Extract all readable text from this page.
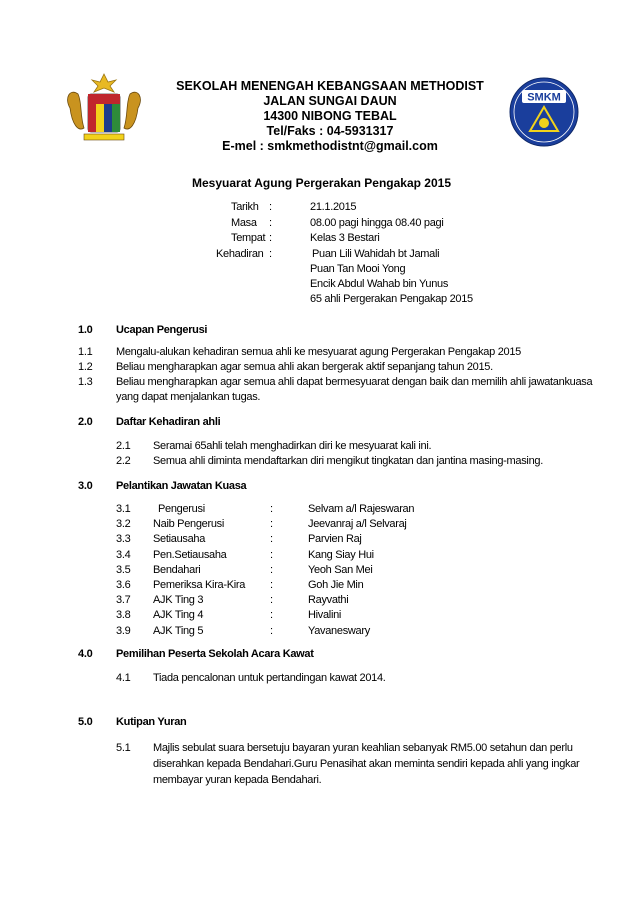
SMKM
SEKOLAH MENENGAH KEBANGSAAN METHODIST
JALAN SUNGAI DAUN
14300 NIBONG TEBAL
Tel/Faks : 04-5931317
E-mel : smkmethodistnt@gmail.com
Mesyuarat Agung Pergerakan Pengakap 2015
Tarikh :	21.1.2015
Masa :	08.00 pagi hingga 08.40 pagi
Tempat :	Kelas 3 Bestari
Kehadiran :	Puan Lili Wahidah bt Jamali
Puan Tan Mooi Yong
Encik Abdul Wahab bin Yunus
65 ahli Pergerakan Pengakap 2015
1.0 Ucapan Pengerusi
1.1 Mengalu-alukan kehadiran semua ahli ke mesyuarat agung Pergerakan Pengakap 2015
1.2 Beliau mengharapkan agar semua ahli akan bergerak aktif sepanjang tahun 2015.
1.3 Beliau mengharapkan agar semua ahli dapat bermesyuarat dengan baik dan memilih ahli jawatankuasa
yang dapat menjalankan tugas.
2.0 Daftar Kehadiran ahli
2.1 Seramai 65ahli telah menghadirkan diri ke mesyuarat kali ini.
2.2 Semua ahli diminta mendaftarkan diri mengikut tingkatan dan jantina masing-masing.
3.0 Pelantikan Jawatan Kuasa
3.1	Pengerusi	:	Selvam a/l Rajeswaran
3.2 Naib Pengerusi	:	Jeevanraj a/l Selvaraj
3.3 Setiausaha	:	Parvien Raj
3.4 Pen.Setiausaha	:	Kang Siay Hui
3.5 Bendahari	:	Yeoh San Mei
3.6 Pemeriksa Kira-Kira :	Goh Jie Min
3.7 AJK Ting 3	:	Rayvathi
3.8 AJK Ting 4	:	Hivalini
3.9 AJK Ting 5	:	Yavaneswary
4.0 Pemilihan Peserta Sekolah Acara Kawat
4.1 Tiada pencalonan untuk pertandingan kawat 2014.
5.0 Kutipan Yuran
5.1 Majlis sebulat suara bersetuju bayaran yuran keahlian sebanyak RM5.00 setahun dan perlu
diserahkan kepada Bendahari.Guru Penasihat akan meminta sendiri kepada ahli yang ingkar
membayar yuran kepada Bendahari.
